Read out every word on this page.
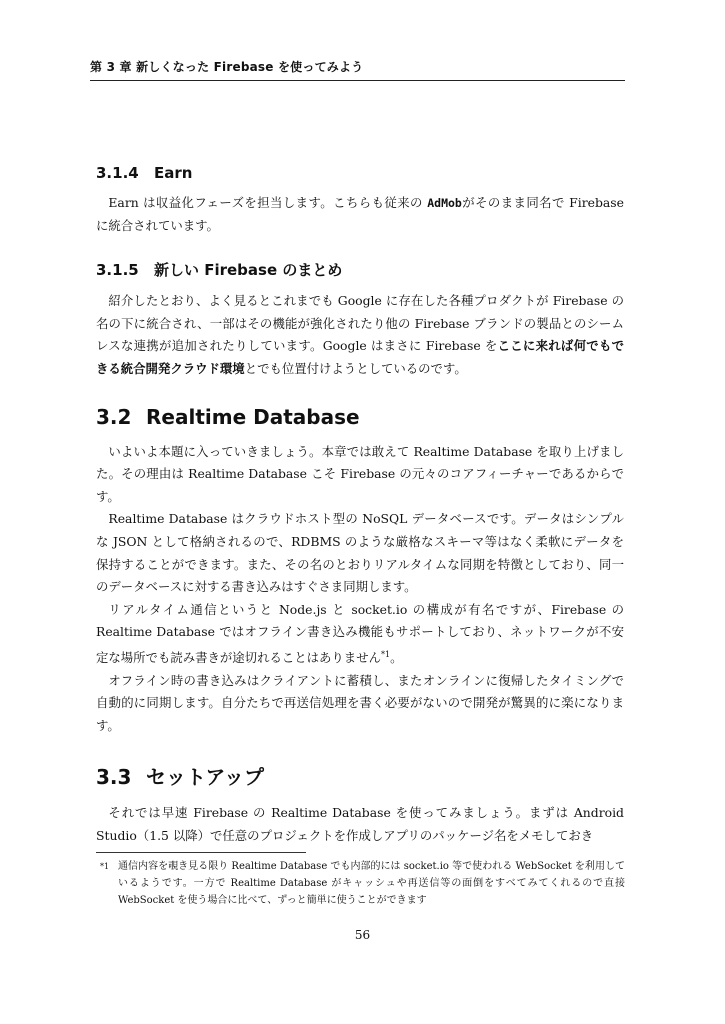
第 3 章 新しくなった Firebase を使ってみよう
3.1.4 Earn

Earn は収益化フェーズを担当します。こちらも従来の AdMobがそのまま同名で Firebase に統合されています。

3.1.5 新しい Firebase のまとめ

紹介したとおり、よく見るとこれまでも Google に存在した各種プロダクトが Firebase の名の下に統合され、一部はその機能が強化されたり他の Firebase ブランドの製品とのシームレスな連携が追加されたりしています。Google はまさに Firebase をここに来れば何でもできる統合開発クラウド環境とでも位置付けようとしているのです。

3.2 Realtime Database

いよいよ本題に入っていきましょう。本章では敢えて Realtime Database を取り上げました。その理由は Realtime Database こそ Firebase の元々のコアフィーチャーであるからです。

Realtime Database はクラウドホスト型の NoSQL データベースです。データはシンプルな JSON として格納されるので、RDBMS のような厳格なスキーマ等はなく柔軟にデータを保持することができます。また、その名のとおりリアルタイムな同期を特徴としており、同一のデータベースに対する書き込みはすぐさま同期します。

リアルタイム通信というと Node.js と socket.io の構成が有名ですが、Firebase の Realtime Database ではオフライン書き込み機能もサポートしており、ネットワークが不安定な場所でも読み書きが途切れることはありません$^{*1}$。

オフライン時の書き込みはクライアントに蓄積し、またオンラインに復帰したタイミングで自動的に同期します。自分たちで再送信処理を書く必要がないので開発が驚異的に楽になります。

3.3 セットアップ

それでは早速 Firebase の Realtime Database を使ってみましょう。まずは Android Studio（1.5 以降）で任意のプロジェクトを作成しアプリのパッケージ名をメモしておき

*1 通信内容を覗き見る限り Realtime Database でも内部的には socket.io 等で使われる WebSocket を利用しているようです。一方で Realtime Database がキャッシュや再送信等の面倒をすべてみてくれるので直接 WebSocket を使う場合に比べて、ずっと簡単に使うことができます
56
